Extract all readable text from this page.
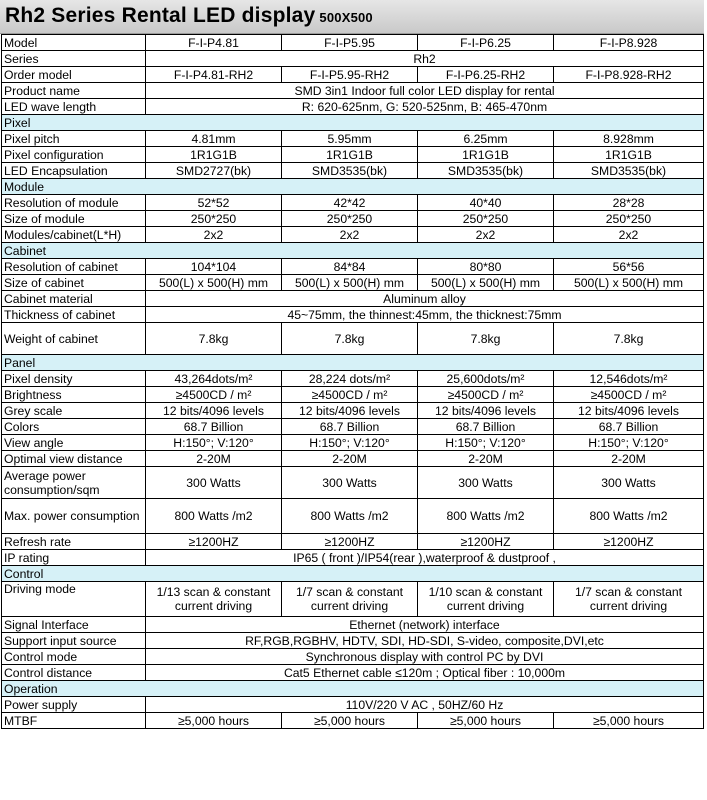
Rh2 Series Rental LED display 500X500
Model	F-I-P4.81	F-I-P5.95	F-I-P6.25	F-I-P8.928
Series	Rh2			
Order model	F-I-P4.81-RH2	F-I-P5.95-RH2	F-I-P6.25-RH2	F-I-P8.928-RH2
Product name	SMD 3in1 Indoor full color LED display for rental			
LED wave length	R: 620-625nm, G: 520-525nm, B: 465-470nm			
Pixel				
Pixel pitch	4.81mm	5.95mm	6.25mm	8.928mm
Pixel configuration	1R1G1B	1R1G1B	1R1G1B	1R1G1B
LED Encapsulation	SMD2727(bk)	SMD3535(bk)	SMD3535(bk)	SMD3535(bk)
Module				
Resolution of module	52*52	42*42	40*40	28*28
Size of module	250*250	250*250	250*250	250*250
Modules/cabinet(L*H)	2x2	2x2	2x2	2x2
Cabinet				
Resolution of cabinet	104*104	84*84	80*80	56*56
Size of cabinet	500(L) x 500(H) mm	500(L) x 500(H) mm	500(L) x 500(H) mm	500(L) x 500(H) mm
Cabinet material	Aluminum alloy			
Thickness of cabinet	45~75mm, the thinnest:45mm, the thicknest:75mm			
Weight of cabinet	7.8kg	7.8kg	7.8kg	7.8kg
Panel				
Pixel density	43,264dots/m²	28,224 dots/m²	25,600dots/m²	12,546dots/m²
Brightness	≥4500CD / m²	≥4500CD / m²	≥4500CD / m²	≥4500CD / m²
Grey scale	12 bits/4096 levels	12 bits/4096 levels	12 bits/4096 levels	12 bits/4096 levels
Colors	68.7 Billion	68.7 Billion	68.7 Billion	68.7 Billion
View angle	H:150°; V:120°	H:150°; V:120°	H:150°; V:120°	H:150°; V:120°
Optimal view distance	2-20M	2-20M	2-20M	2-20M
Average power consumption/sqm	300 Watts	300 Watts	300 Watts	300 Watts
Max. power consumption	800 Watts /m2	800 Watts /m2	800 Watts /m2	800 Watts /m2
Refresh rate	≥1200HZ	≥1200HZ	≥1200HZ	≥1200HZ
IP rating	IP65 ( front )/IP54(rear ),waterproof & dustproof ,			
Control				
Driving mode	1/13 scan & constant current driving	1/7 scan & constant current driving	1/10 scan & constant current driving	1/7 scan & constant current driving
Signal Interface	Ethernet (network) interface			
Support input source	RF,RGB,RGBHV, HDTV, SDI, HD-SDI, S-video, composite,DVI,etc			
Control mode	Synchronous display with control PC by DVI			
Control distance	Cat5 Ethernet cable ≤120m ; Optical fiber : 10,000m			
Operation				
Power supply	110V/220 V AC , 50HZ/60 Hz			
MTBF	≥5,000 hours	≥5,000 hours	≥5,000 hours	≥5,000 hours
